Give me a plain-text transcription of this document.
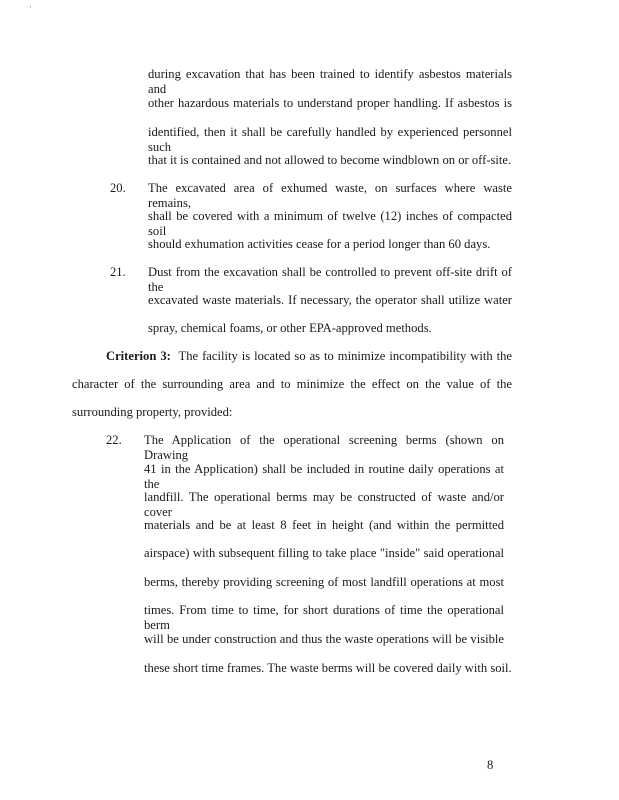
'
during excavation that has been trained to identify asbestos materials and
other hazardous materials to understand proper handling. If asbestos is
identified, then it shall be carefully handled by experienced personnel such
that it is contained and not allowed to become windblown on or off-site.
20. The excavated area of exhumed waste, on surfaces where waste remains,
shall be covered with a minimum of twelve (12) inches of compacted soil
should exhumation activities cease for a period longer than 60 days.
21. Dust from the excavation shall be controlled to prevent off-site drift of the
excavated waste materials. If necessary, the operator shall utilize water
spray, chemical foams, or other EPA-approved methods.
Criterion 3: The facility is located so as to minimize incompatibility with the
character of the surrounding area and to minimize the effect on the value of the
surrounding property, provided:
22. The Application of the operational screening berms (shown on Drawing
41 in the Application) shall be included in routine daily operations at the
landfill. The operational berms may be constructed of waste and/or cover
materials and be at least 8 feet in height (and within the permitted
airspace) with subsequent filling to take place "inside" said operational
berms, thereby providing screening of most landfill operations at most
times. From time to time, for short durations of time the operational berm
will be under construction and thus the waste operations will be visible
these short time frames. The waste berms will be covered daily with soil.
8
